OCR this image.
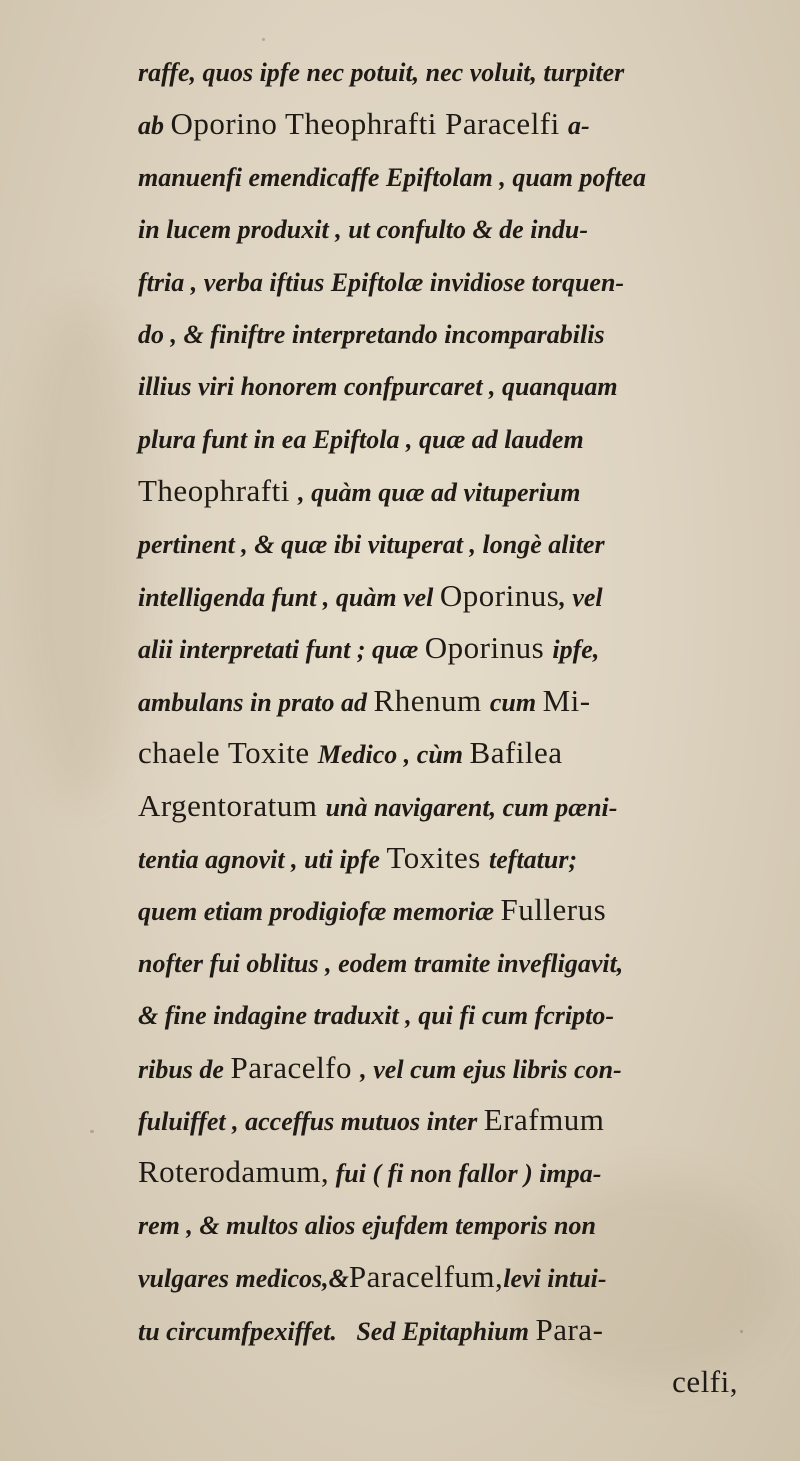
raffe, quos ipfe nec potuit, nec voluit, turpiter
ab Oporino Theophrafti Paracelfi a-
manuenfi emendicaffe Epiftolam , quam poftea
in lucem produxit , ut confulto & de indu-
ftria , verba iftius Epiftolæ invidiose torquen-
do , & finiftre interpretando incomparabilis
illius viri honorem confpurcaret , quanquam
plura funt in ea Epiftola , quæ ad laudem
Theophrafti , quàm quæ ad vituperium
pertinent , & quæ ibi vituperat , longè aliter
intelligenda funt , quàm vel Oporinus, vel
alii interpretati funt ; quæ Oporinus ipfe,
ambulans in prato ad Rhenum cum Mi-
chaele Toxite Medico , cùm Bafilea
Argentoratum unà navigarent, cum pæni-
tentia agnovit , uti ipfe Toxites teftatur;
quem etiam prodigiofæ memoriæ Fullerus
nofter fui oblitus , eodem tramite invefligavit,
& fine indagine traduxit , qui fi cum fcripto-
ribus de Paracelfo , vel cum ejus libris con-
fuluiffet , acceffus mutuos inter Erafmum
Roterodamum, fui ( fi non fallor ) impa-
rem , & multos alios ejufdem temporis non
vulgares medicos,&Paracelfum,levi intui-
tu circumfpexiffet.   Sed Epitaphium Para-
celfi,
